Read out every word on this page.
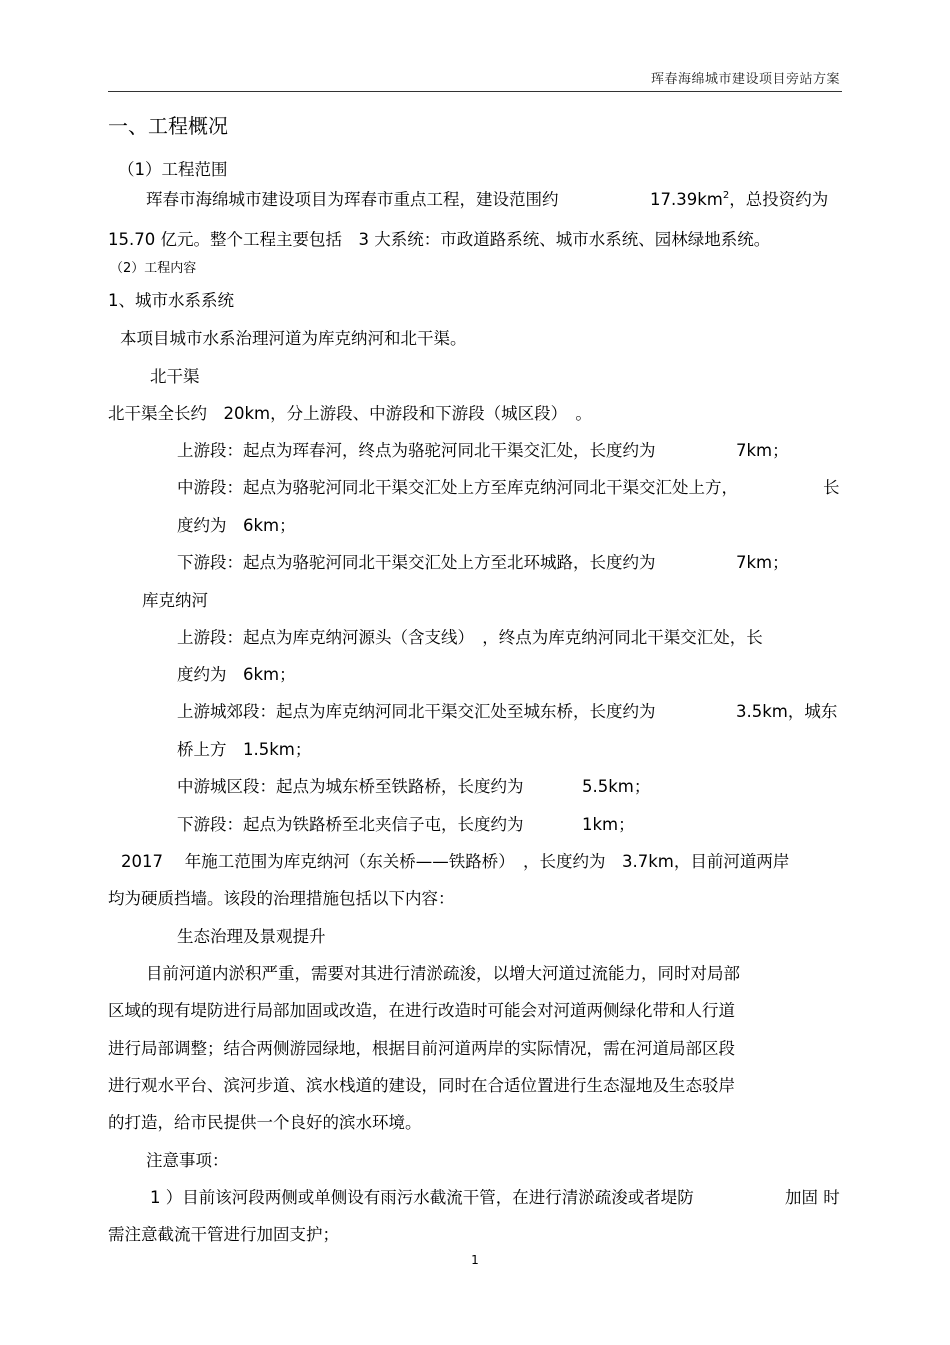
珲春海绵城市建设项目旁站方案
一、工程概况
（1）工程范围
珲春市海绵城市建设项目为珲春市重点工程，建设范围约	$17.39km^2$，总投资约为
15.70 亿元。整个工程主要包括　3 大系统：市政道路系统、城市水系统、园林绿地系统。
（2）工程内容
1、城市水系系统
本项目城市水系治理河道为库克纳河和北干渠。
北干渠
北干渠全长约　20km，分上游段、中游段和下游段（城区段）　。
上游段：起点为珲春河，终点为骆驼河同北干渠交汇处，长度约为	7km；
中游段：起点为骆驼河同北干渠交汇处上方至库克纳河同北干渠交汇处上方，	长
度约为　6km；
下游段：起点为骆驼河同北干渠交汇处上方至北环城路，长度约为	7km；
库克纳河
上游段：起点为库克纳河源头（含支线）　，终点为库克纳河同北干渠交汇处，长
度约为　6km；
上游城郊段：起点为库克纳河同北干渠交汇处至城东桥，长度约为	3.5km，城东
桥上方　1.5km；
中游城区段：起点为城东桥至铁路桥，长度约为	5.5km；
下游段：起点为铁路桥至北夹信子屯，长度约为	1km；
2017　 年施工范围为库克纳河（东关桥——铁路桥）　，长度约为　3.7km，目前河道两岸
均为硬质挡墙。该段的治理措施包括以下内容：
生态治理及景观提升
目前河道内淤积严重，需要对其进行清淤疏浚，以增大河道过流能力，同时对局部
区域的现有堤防进行局部加固或改造，在进行改造时可能会对河道两侧绿化带和人行道
进行局部调整；结合两侧游园绿地，根据目前河道两岸的实际情况，需在河道局部区段
进行观水平台、滨河步道、滨水栈道的建设，同时在合适位置进行生态湿地及生态驳岸
的打造，给市民提供一个良好的滨水环境。
注意事项：
1 ）目前该河段两侧或单侧设有雨污水截流干管，在进行清淤疏浚或者堤防	加固 时
需注意截流干管进行加固支护；
1
